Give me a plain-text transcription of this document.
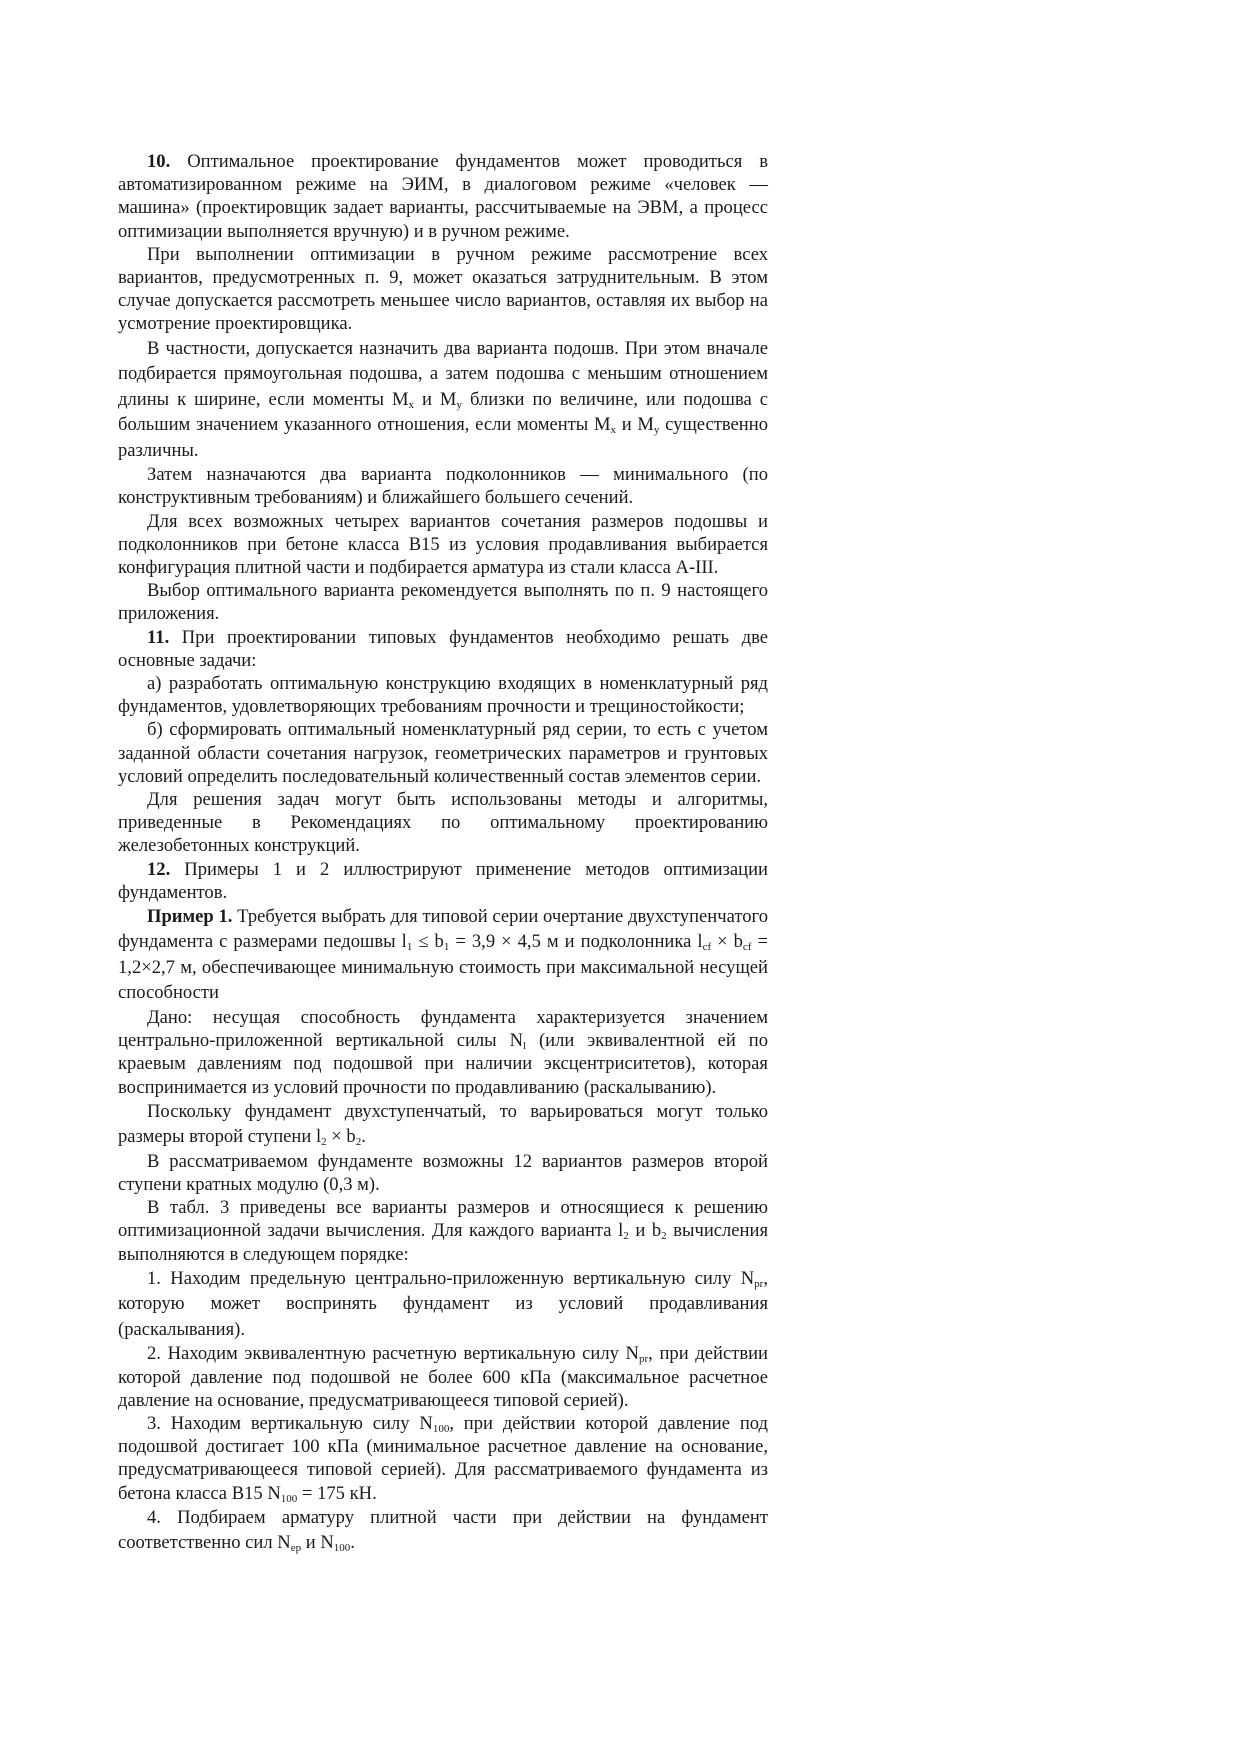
10. Оптимальное проектирование фундаментов может проводиться в автоматизированном режиме на ЭИМ, в диалоговом режиме «человек — машина» (проектировщик задает варианты, рассчитываемые на ЭВМ, а процесс оптимизации выполняется вручную) и в ручном режиме.

При выполнении оптимизации в ручном режиме рассмотрение всех вариантов, предусмотренных п. 9, может оказаться затруднительным. В этом случае допускается рассмотреть меньшее число вариантов, оставляя их выбор на усмотрение проектировщика.

В частности, допускается назначить два варианта подошв. При этом вначале подбирается прямоугольная подошва, а затем подошва с меньшим отношением длины к ширине, если моменты $M_x$ и $M_y$ близки по величине, или подошва с большим значением указанного отношения, если моменты $M_x$ и $M_y$ существенно различны.

Затем назначаются два варианта подколонников — минимального (по конструктивным требованиям) и ближайшего большего сечений.

Для всех возможных четырех вариантов сочетания размеров подошвы и подколонников при бетоне класса В15 из условия продавливания выбирается конфигурация плитной части и подбирается арматура из стали класса А-III.

Выбор оптимального варианта рекомендуется выполнять по п. 9 настоящего приложения.

11. При проектировании типовых фундаментов необходимо решать две основные задачи:

а) разработать оптимальную конструкцию входящих в номенклатурный ряд фундаментов, удовлетворяющих требованиям прочности и трещиностойкости;

б) сформировать оптимальный номенклатурный ряд серии, то есть с учетом заданной области сочетания нагрузок, геометрических параметров и грунтовых условий определить последовательный количественный состав элементов серии.

Для решения задач могут быть использованы методы и алгоритмы, приведенные в Рекомендациях по оптимальному проектированию железобетонных конструкций.

12. Примеры 1 и 2 иллюстрируют применение методов оптимизации фундаментов.

Пример 1. Требуется выбрать для типовой серии очертание двухступенчатого фундамента с размерами педошвы $l_1 \le b_1 = 3,9 \times 4,5$ м и подколонника $l_{cf} \times b_{cf} = 1,2\times 2,7$ м, обеспечивающее минимальную стоимость при максимальной несущей способности

Дано: несущая способность фундамента характеризуется значением центрально-приложенной вертикальной силы $N_l$ (или эквивалентной ей по краевым давлениям под подошвой при наличии эксцентриситетов), которая воспринимается из условий прочности по продавливанию (раскалыванию).

Поскольку фундамент двухступенчатый, то варьироваться могут только размеры второй ступени $l_2 \times b_2$.

В рассматриваемом фундаменте возможны 12 вариантов размеров второй ступени кратных модулю (0,3 м).

В табл. 3 приведены все варианты размеров и относящиеся к решению оптимизационной задачи вычисления. Для каждого варианта $l_2$ и $b_2$ вычисления выполняются в следующем порядке:

1. Находим предельную центрально-приложенную вертикальную силу $N_{pr}$, которую может воспринять фундамент из условий продавливания (раскалывания).

2. Находим эквивалентную расчетную вертикальную силу $N_{pr}$, при действии которой давление под подошвой не более 600 кПа (максимальное расчетное давление на основание, предусматривающееся типовой серией).

3. Находим вертикальную силу $N_{100}$, при действии которой давление под подошвой достигает 100 кПа (минимальное расчетное давление на основание, предусматривающееся типовой серией). Для рассматриваемого фундамента из бетона класса В15 $N_{100} = 175$ кН.

4. Подбираем арматуру плитной части при действии на фундамент соответственно сил $N_{ep}$ и $N_{100}$.
